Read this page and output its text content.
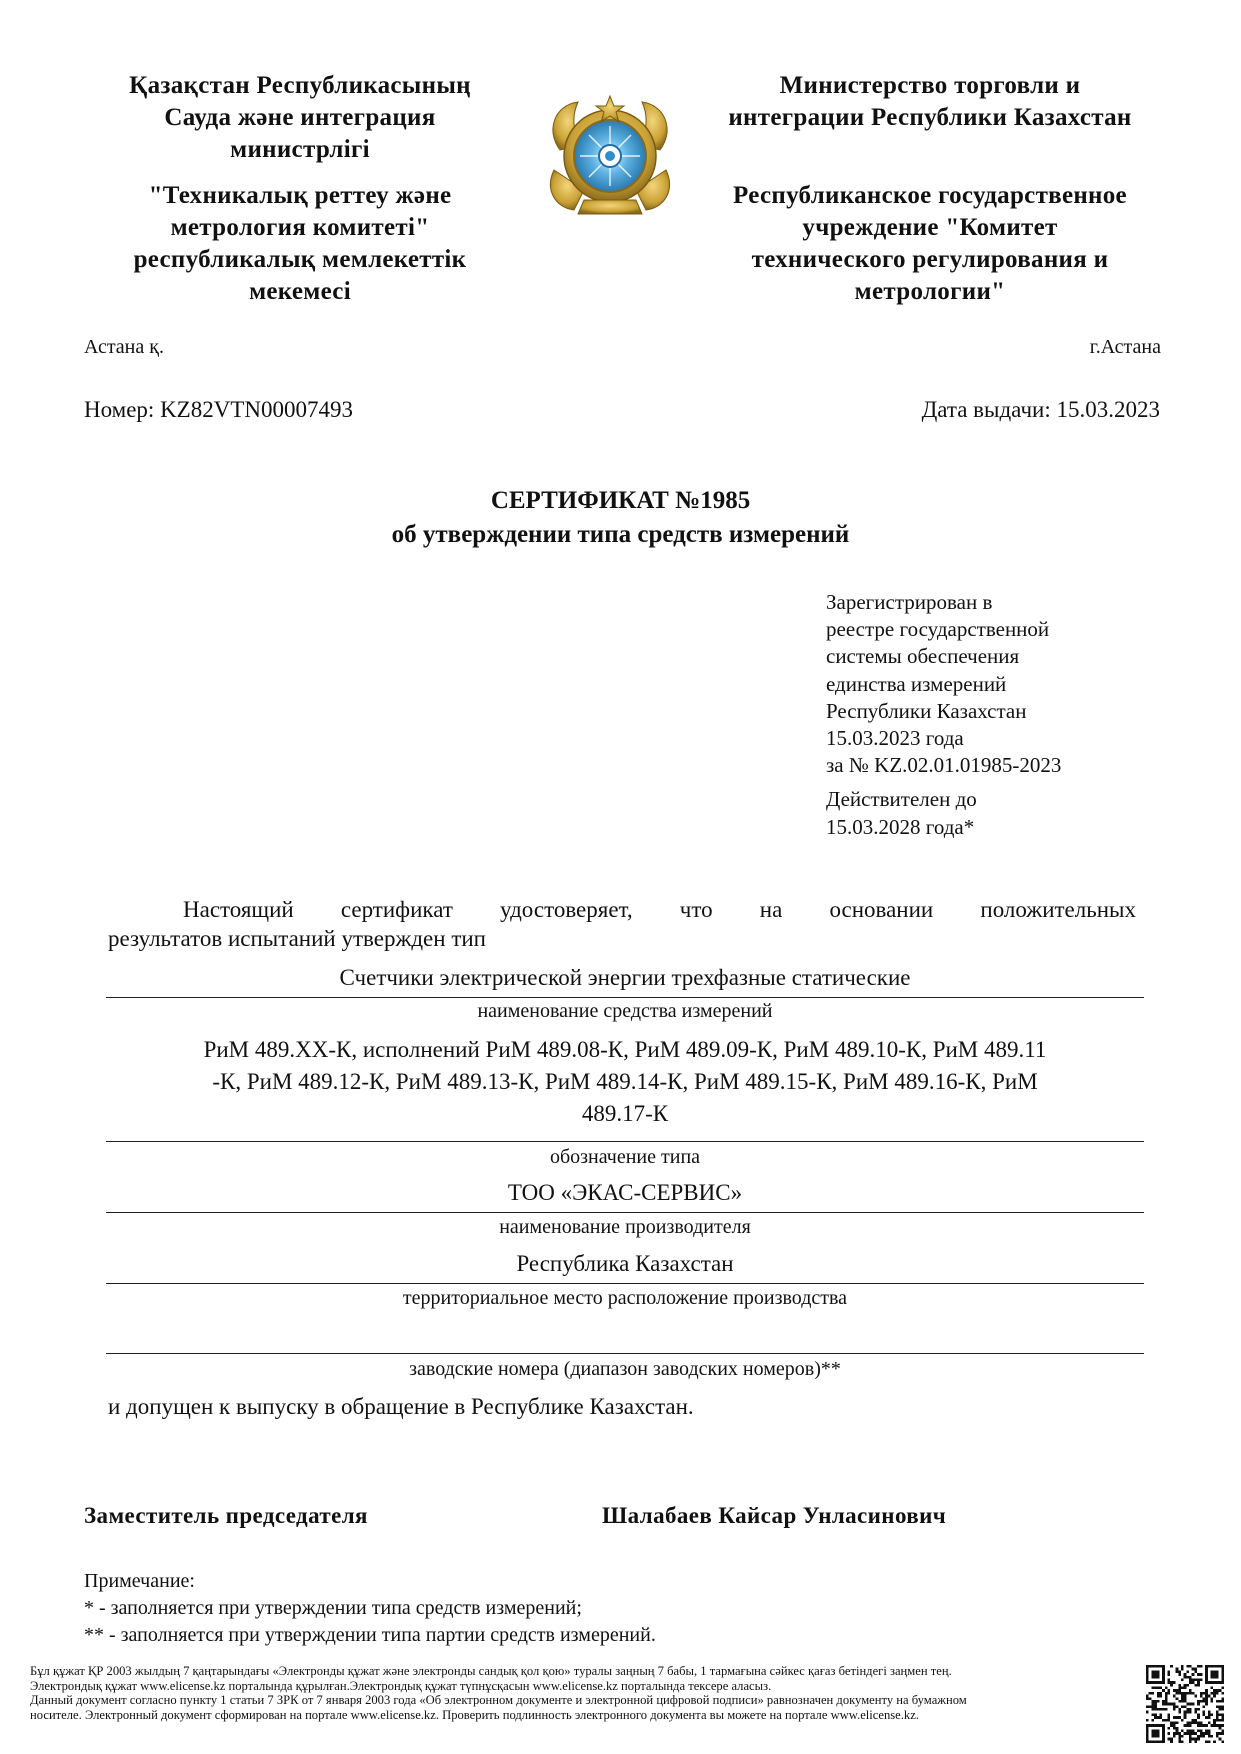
Қазақстан Республикасының
Сауда және интеграция
министрлігі
"Техникалық реттеу және
метрология комитеті"
республикалық мемлекеттік
мекемесі
Министерство торговли и
интеграции Республики Казахстан
Республиканское государственное
учреждение "Комитет
технического регулирования и
метрологии"
Астана қ.	г.Астана
Номер: KZ82VTN00007493	Дата выдачи: 15.03.2023
СЕРТИФИКАТ №1985
об утверждении типа средств измерений
Зарегистрирован в
реестре государственной
системы обеспечения
единства измерений
Республики Казахстан
15.03.2023 года
за № KZ.02.01.01985-2023
Действителен до
15.03.2028 года*
Настоящий сертификат удостоверяет, что на основании положительных
результатов испытаний утвержден тип
Счетчики электрической энергии трехфазные статические
наименование средства измерений
РиМ 489.ХХ-К, исполнений РиМ 489.08-К, РиМ 489.09-К, РиМ 489.10-К, РиМ 489.11
-К, РиМ 489.12-К, РиМ 489.13-К, РиМ 489.14-К, РиМ 489.15-К, РиМ 489.16-К, РиМ
489.17-К
обозначение типа
ТОО «ЭКАС-СЕРВИС»
наименование производителя
Республика Казахстан
территориальное место расположение производства
заводские номера (диапазон заводских номеров)**
и допущен к выпуску в обращение в Республике Казахстан.
Заместитель председателя	Шалабаев Кайсар Унласинович
Примечание:
* - заполняется при утверждении типа средств измерений;
** - заполняется при утверждении типа партии средств измерений.
Бұл құжат ҚР 2003 жылдың 7 қаңтарындағы «Электронды құжат және электронды сандық қол қою» туралы заңның 7 бабы, 1 тармағына сәйкес қағаз бетіндегі заңмен тең.
Электрондық құжат www.elicense.kz порталында құрылған.Электрондық құжат түпнұсқасын www.elicense.kz порталында тексере аласыз.
Данный документ согласно пункту 1 статьи 7 ЗРК от 7 января 2003 года «Об электронном документе и электронной цифровой подписи» равнозначен документу на бумажном
носителе. Электронный документ сформирован на портале www.elicense.kz. Проверить подлинность электронного документа вы можете на портале www.elicense.kz.
